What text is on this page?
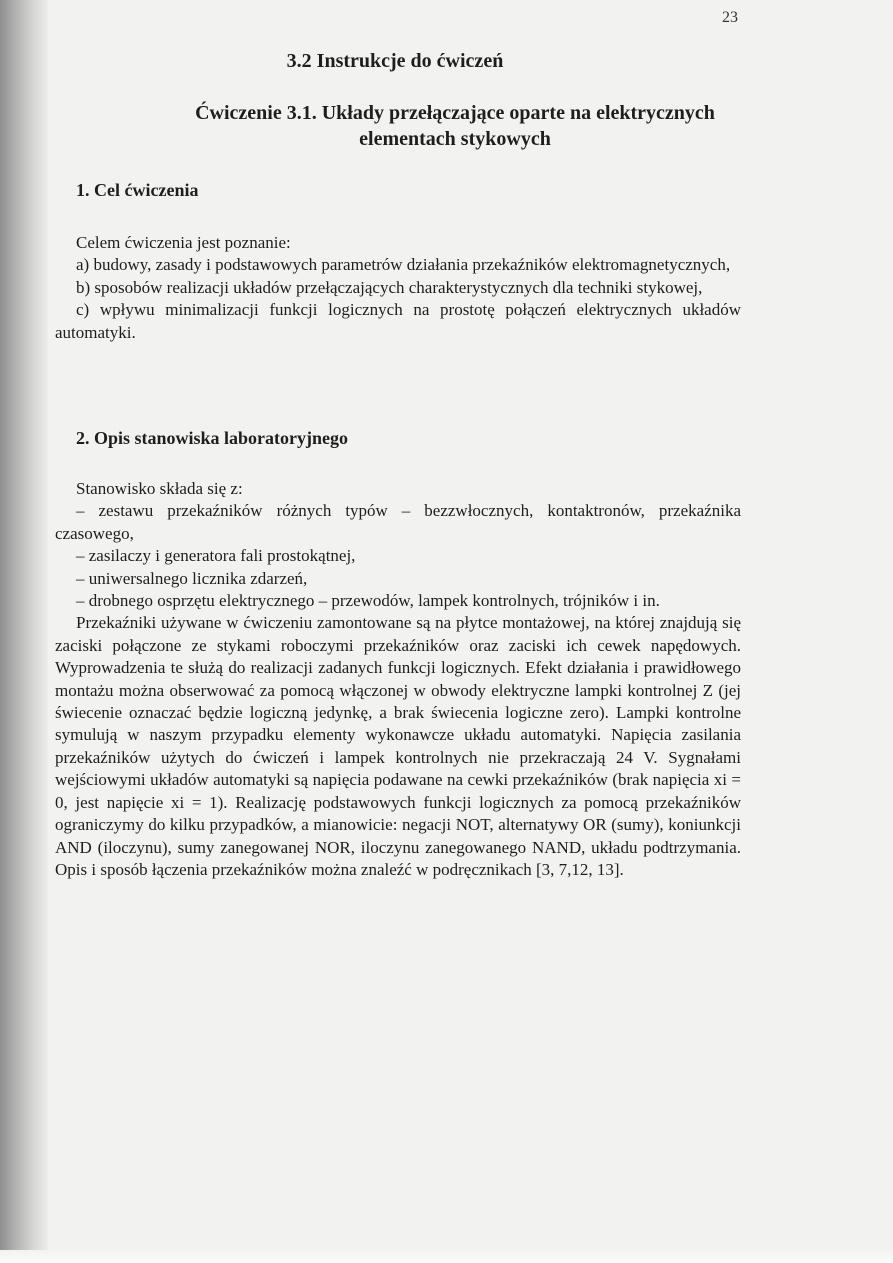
23
3.2 Instrukcje do ćwiczeń
Ćwiczenie 3.1. Układy przełączające oparte na elektrycznych
elementach stykowych
1. Cel ćwiczenia

Celem ćwiczenia jest poznanie:

a) budowy, zasady i podstawowych parametrów działania przekaźników elektromagnetycznych,

b) sposobów realizacji układów przełączających charakterystycznych dla techniki stykowej,

c) wpływu minimalizacji funkcji logicznych na prostotę połączeń elektrycznych układów automatyki.

2. Opis stanowiska laboratoryjnego

Stanowisko składa się z:

– zestawu przekaźników różnych typów – bezzwłocznych, kontaktronów, przekaźnika czasowego,

– zasilaczy i generatora fali prostokątnej,

– uniwersalnego licznika zdarzeń,

– drobnego osprzętu elektrycznego – przewodów, lampek kontrolnych, trójników i in.

Przekaźniki używane w ćwiczeniu zamontowane są na płytce montażowej, na której znajdują się zaciski połączone ze stykami roboczymi przekaźników oraz zaciski ich cewek napędowych. Wyprowadzenia te służą do realizacji zadanych funkcji logicznych. Efekt działania i prawidłowego montażu można obserwować za pomocą włączonej w obwody elektryczne lampki kontrolnej Z (jej świecenie oznaczać będzie logiczną jedynkę, a brak świecenia logiczne zero). Lampki kontrolne symulują w naszym przypadku elementy wykonawcze układu automatyki. Napięcia zasilania przekaźników użytych do ćwiczeń i lampek kontrolnych nie przekraczają 24 V. Sygnałami wejściowymi układów automatyki są napięcia podawane na cewki przekaźników (brak napięcia xi = 0, jest napięcie xi = 1). Realizację podstawowych funkcji logicznych za pomocą przekaźników ograniczymy do kilku przypadków, a mianowicie: negacji NOT, alternatywy OR (sumy), koniunkcji AND (iloczynu), sumy zanegowanej NOR, iloczynu zanegowanego NAND, układu podtrzymania. Opis i sposób łączenia przekaźników można znaleźć w podręcznikach [3, 7,12, 13].
